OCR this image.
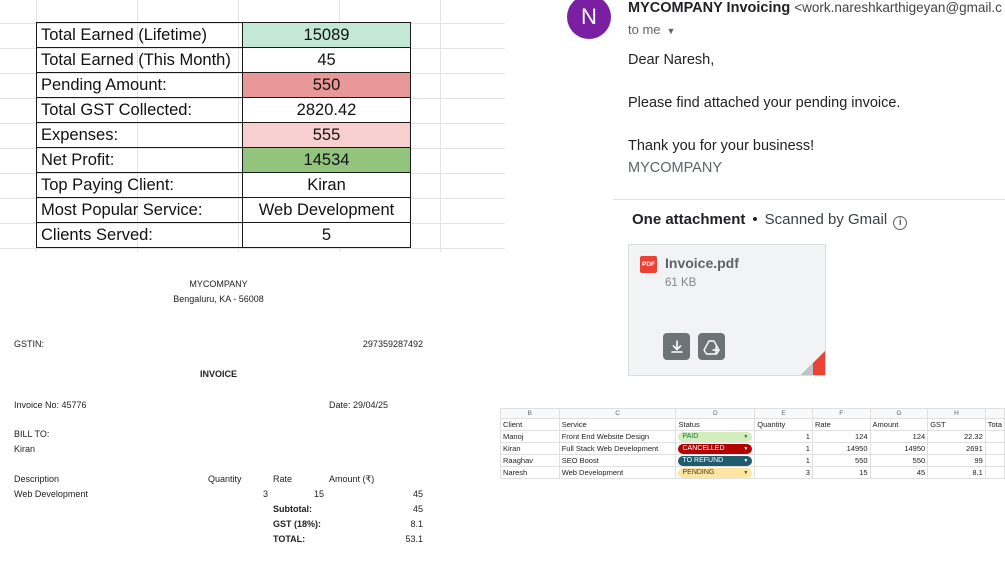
Total Earned (Lifetime)	15089
Total Earned (This Month)	45
Pending Amount:	550
Total GST Collected:	2820.42
Expenses:	555
Net Profit:	14534
Top Paying Client:	Kiran
Most Popular Service:	Web Development
Clients Served:	5
MYCOMPANY
Bengaluru, KA - 56008
GSTIN:	297359287492
INVOICE
Invoice No: 45776	Date: 29/04/25
BILL TO:
Kiran
Description	Quantity	Rate	Amount (₹)
Web Development	3	15	45
Subtotal:	45
GST (18%):	8.1
TOTAL:	53.1
N	MYCOMPANY Invoicing <work.nareshkarthigeyan@gmail.c
to me ▼
Dear Naresh,
Please find attached your pending invoice.
Thank you for your business!
MYCOMPANY
One attachment • Scanned by Gmail i
PDF Invoice.pdf
61 KB
B	C	D	E	F	G	H	
Client	Service	Status	Quantity	Rate	Amount	GST	Tota
Manoj	Front End Website Design	PAID ▼	1	124	124	22.32	
Kiran	Full Stack Web Development	CANCELLED ▼	1	14950	14950	2691	
Raaghav	SEO Boost	TO REFUND ▼	1	550	550	99	
Naresh	Web Development	PENDING ▼	3	15	45	8.1	
